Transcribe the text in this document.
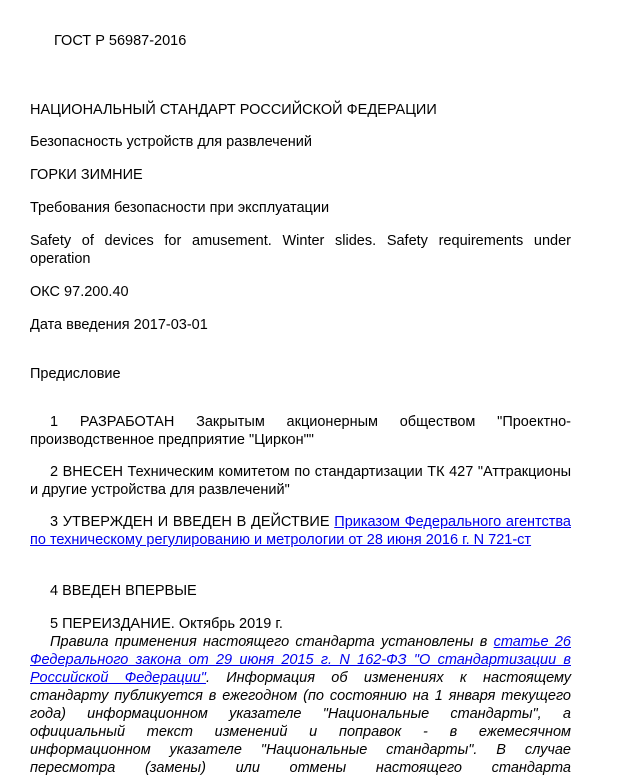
ГОСТ Р 56987-2016

НАЦИОНАЛЬНЫЙ СТАНДАРТ РОССИЙСКОЙ ФЕДЕРАЦИИ

Безопасность устройств для развлечений

ГОРКИ ЗИМНИЕ

Требования безопасности при эксплуатации

Safety of devices for amusement. Winter slides. Safety requirements under operation

ОКС 97.200.40

Дата введения 2017-03-01

Предисловие

1 РАЗРАБОТАН Закрытым акционерным обществом "Проектно-производственное предприятие "Циркон""

2 ВНЕСЕН Техническим комитетом по стандартизации ТК 427 "Аттракционы и другие устройства для развлечений"

3 УТВЕРЖДЕН И ВВЕДЕН В ДЕЙСТВИЕ Приказом Федерального агентства по техническому регулированию и метрологии от 28 июня 2016 г. N 721-ст

4 ВВЕДЕН ВПЕРВЫЕ

5 ПЕРЕИЗДАНИЕ. Октябрь 2019 г.

Правила применения настоящего стандарта установлены в статье 26 Федерального закона от 29 июня 2015 г. N 162-ФЗ "О стандартизации в Российской Федерации". Информация об изменениях к настоящему стандарту публикуется в ежегодном (по состоянию на 1 января текущего года) информационном указателе "Национальные стандарты", а официальный текст изменений и поправок - в ежемесячном информационном указателе "Национальные стандарты". В случае пересмотра (замены) или отмены настоящего стандарта
